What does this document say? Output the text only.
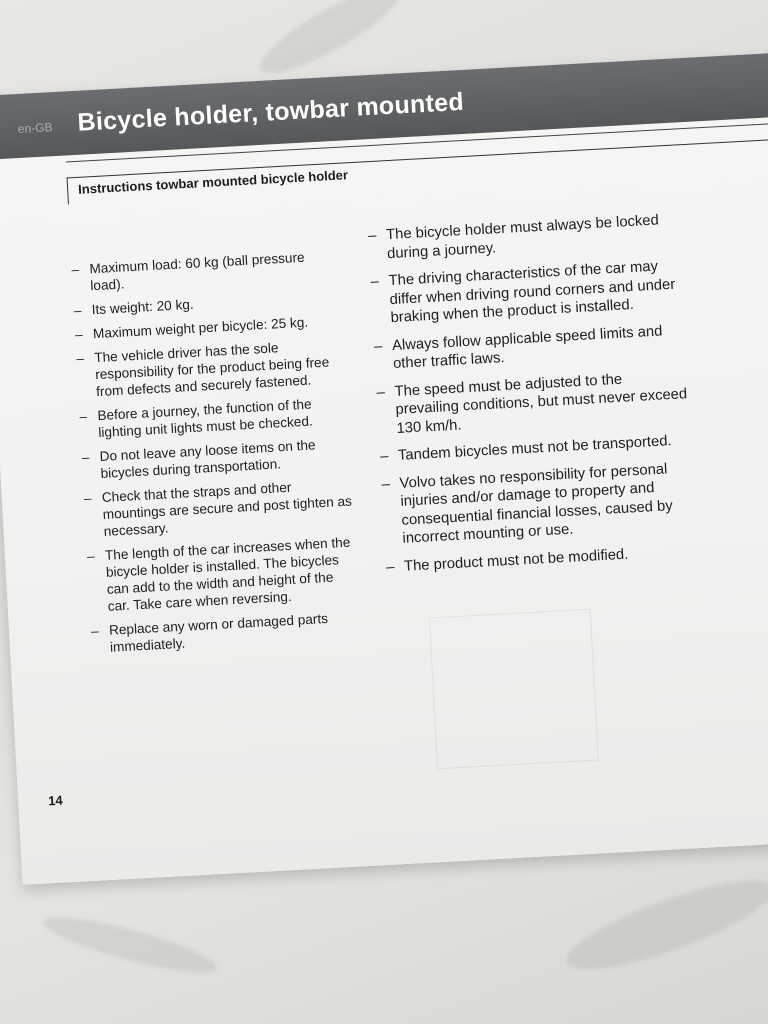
en-GB Bicycle holder, towbar mounted
Instructions towbar mounted bicycle holder
– Maximum load: 60 kg (ball pressure load).
– Its weight: 20 kg.
– Maximum weight per bicycle: 25 kg.
– The vehicle driver has the sole responsibility for the product being free from defects and securely fastened.
– Before a journey, the function of the lighting unit lights must be checked.
– Do not leave any loose items on the bicycles during transportation.
– Check that the straps and other mountings are secure and post tighten as necessary.
– The length of the car increases when the bicycle holder is installed. The bicycles can add to the width and height of the car. Take care when reversing.
– Replace any worn or damaged parts immediately.
– The bicycle holder must always be locked during a journey.
– The driving characteristics of the car may differ when driving round corners and under braking when the product is installed.
– Always follow applicable speed limits and other traffic laws.
– The speed must be adjusted to the prevailing conditions, but must never exceed 130 km/h.
– Tandem bicycles must not be transported.
– Volvo takes no responsibility for personal injuries and/or damage to property and consequential financial losses, caused by incorrect mounting or use.
– The product must not be modified.
14
